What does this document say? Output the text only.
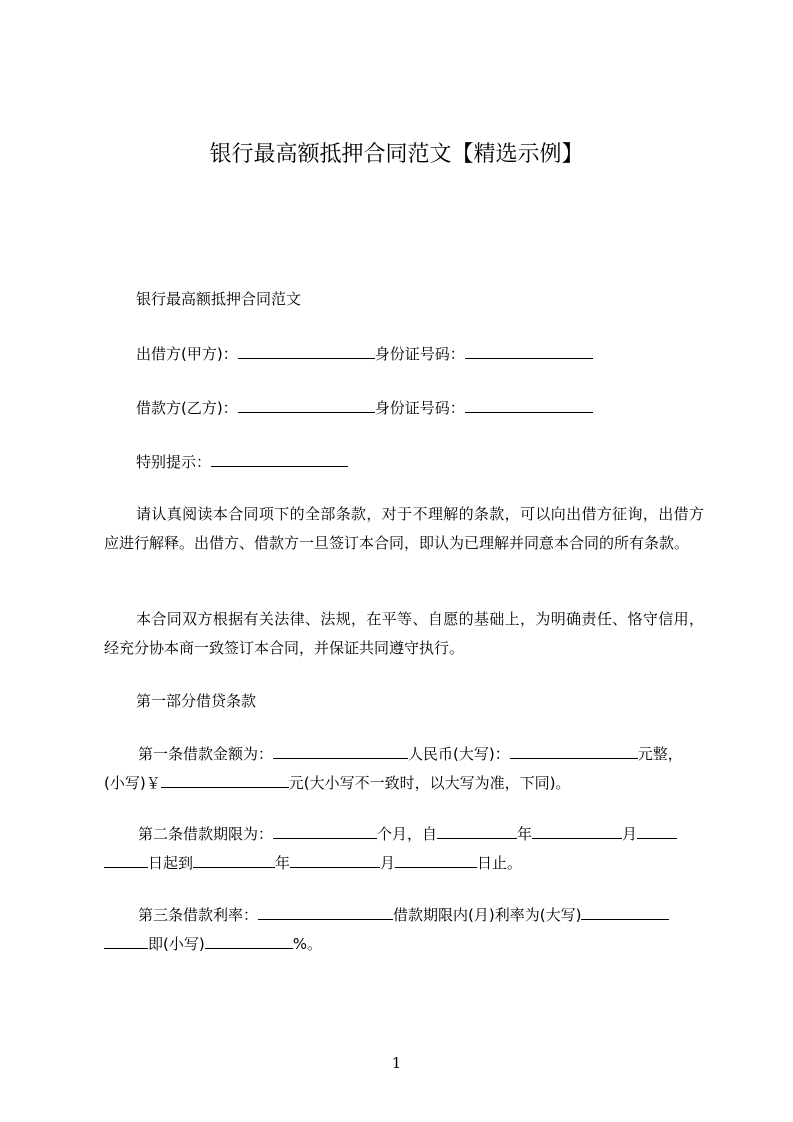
银行最高额抵押合同范文【精选示例】

银行最高额抵押合同范文

出借方(甲方)：	身份证号码：

借款方(乙方)：	身份证号码：

特别提示：

请认真阅读本合同项下的全部条款，对于不理解的条款，可以向出借方征询，出借方应进行解释。出借方、借款方一旦签订本合同，即认为已理解并同意本合同的所有条款。

本合同双方根据有关法律、法规，在平等、自愿的基础上，为明确责任、恪守信用，经充分协本商一致签订本合同，并保证共同遵守执行。

第一部分借贷条款

第一条借款金额为：	人民币(大写)：	元整，
(小写)￥	元(大小写不一致时，以大写为准，下同)。
第二条借款期限为：	个月，自	年	月
日起到	年	月	日止。
第三条借款利率：	借款期限内(月)利率为(大写)
即(小写)	%。
1
